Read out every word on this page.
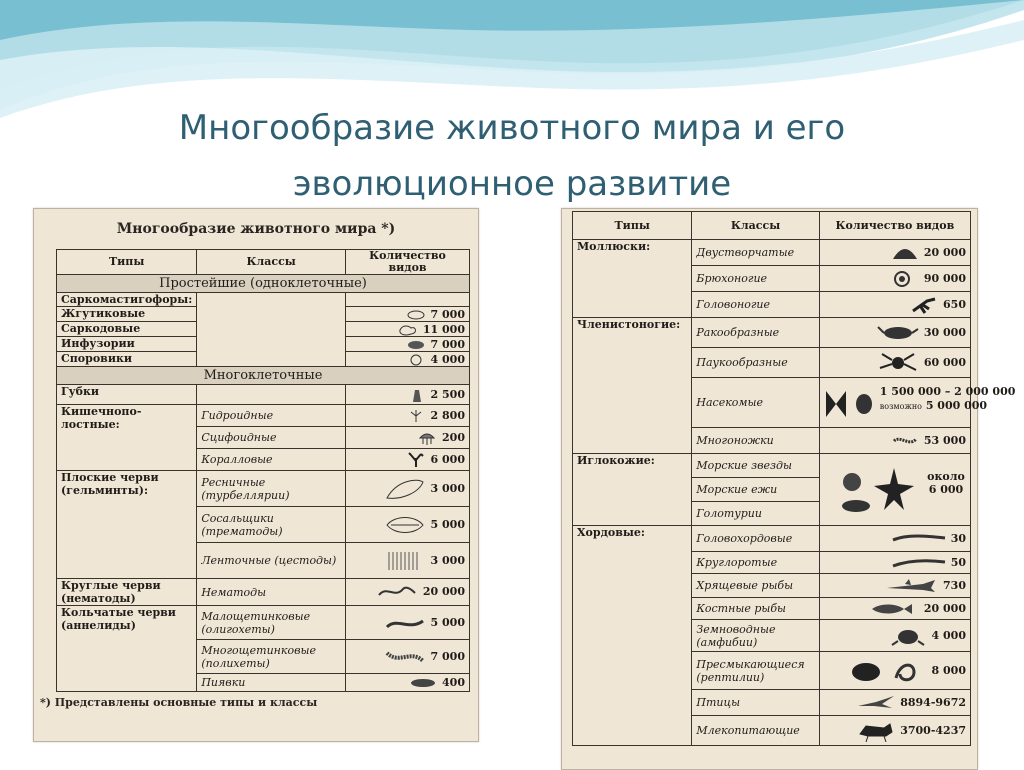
Многообразие животного мира и его
эволюционное развитие
Многообразие животного мира *)
Типы	Классы	Количество видов
Простейшие (одноклеточные)		
Саркомастигофоры:		
Жгутиковые		7 000
Саркодовые		11 000
Инфузории		7 000
Споровики		4 000
Многоклеточные		
Губки		2 500
Кишечнопо-лостные:	Гидроидные	2 800
	Сцифоидные	200
	Коралловые	6 000
Плоские черви (гельминты):	Ресничные (турбеллярии)	3 000
	Сосальщики (трематоды)	5 000
	Ленточные (цестоды)	3 000
Круглые черви (нематоды)	Нематоды	20 000
Кольчатые черви (аннелиды)	Малощетинковые (олигохеты)	5 000
	Многощетинковые (полихеты)	7 000
	Пиявки	400
*) Представлены основные типы и классы
Типы	Классы	Количество видов
Моллюски:	Двустворчатые	20 000
	Брюхоногие	90 000
	Головоногие	650
Членистоногие:	Ракообразные	30 000
	Паукообразные	60 000
	Насекомые	1 500 000 – 2 000 000
возможно 5 000 000

	Многоножки	53 000
Иглокожие:	Морские звезды	около 6 000
	Морские ежи	
	Голотурии	
Хордовые:	Головохордовые	30
	Круглоротые	50
	Хрящевые рыбы	730
	Костные рыбы	20 000
	Земноводные (амфибии)	4 000
	Пресмыкающиеся (рептилии)	8 000
	Птицы	8894-9672
	Млекопитающие	3700-4237
